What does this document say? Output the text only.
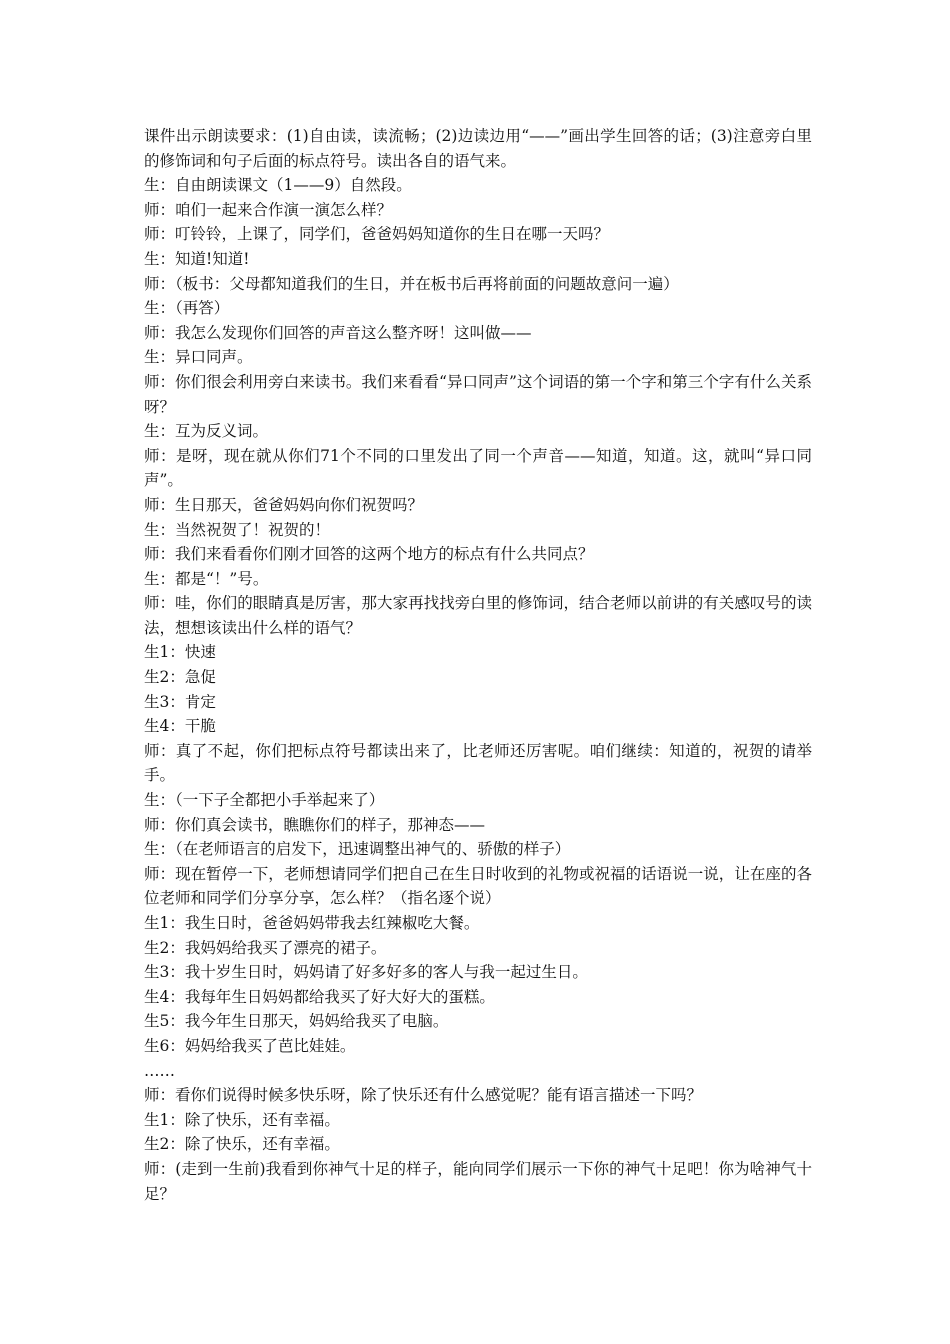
课件出示朗读要求：(1)自由读，读流畅；(2)边读边用“——”画出学生回答的话；(3)注意旁白里的修饰词和句子后面的标点符号。读出各自的语气来。

生：自由朗读课文（1——9）自然段。

师：咱们一起来合作演一演怎么样？

师：叮铃铃，上课了，同学们，爸爸妈妈知道你的生日在哪一天吗？

生：知道!知道!

师：（板书：父母都知道我们的生日，并在板书后再将前面的问题故意问一遍）

生：（再答）

师：我怎么发现你们回答的声音这么整齐呀！这叫做——

生：异口同声。

师：你们很会利用旁白来读书。我们来看看“异口同声”这个词语的第一个字和第三个字有什么关系呀？

生：互为反义词。

师：是呀，现在就从你们71个不同的口里发出了同一个声音——知道，知道。这，就叫“异口同声”。

师：生日那天，爸爸妈妈向你们祝贺吗？

生：当然祝贺了！祝贺的！

师：我们来看看你们刚才回答的这两个地方的标点有什么共同点？

生：都是“！”号。

师：哇，你们的眼睛真是厉害，那大家再找找旁白里的修饰词，结合老师以前讲的有关感叹号的读法，想想该读出什么样的语气？

生1：快速

生2：急促

生3：肯定

生4：干脆

师：真了不起，你们把标点符号都读出来了，比老师还厉害呢。咱们继续：知道的，祝贺的请举手。

生：（一下子全都把小手举起来了）

师：你们真会读书，瞧瞧你们的样子，那神态——

生：（在老师语言的启发下，迅速调整出神气的、骄傲的样子）

师：现在暂停一下，老师想请同学们把自己在生日时收到的礼物或祝福的话语说一说，让在座的各位老师和同学们分享分享，怎么样？（指名逐个说）

生1：我生日时，爸爸妈妈带我去红辣椒吃大餐。

生2：我妈妈给我买了漂亮的裙子。

生3：我十岁生日时，妈妈请了好多好多的客人与我一起过生日。

生4：我每年生日妈妈都给我买了好大好大的蛋糕。

生5：我今年生日那天，妈妈给我买了电脑。

生6：妈妈给我买了芭比娃娃。

……

师：看你们说得时候多快乐呀，除了快乐还有什么感觉呢？能有语言描述一下吗？

生1：除了快乐，还有幸福。

生2：除了快乐，还有幸福。

师：(走到一生前)我看到你神气十足的样子，能向同学们展示一下你的神气十足吧！你为啥神气十足？
